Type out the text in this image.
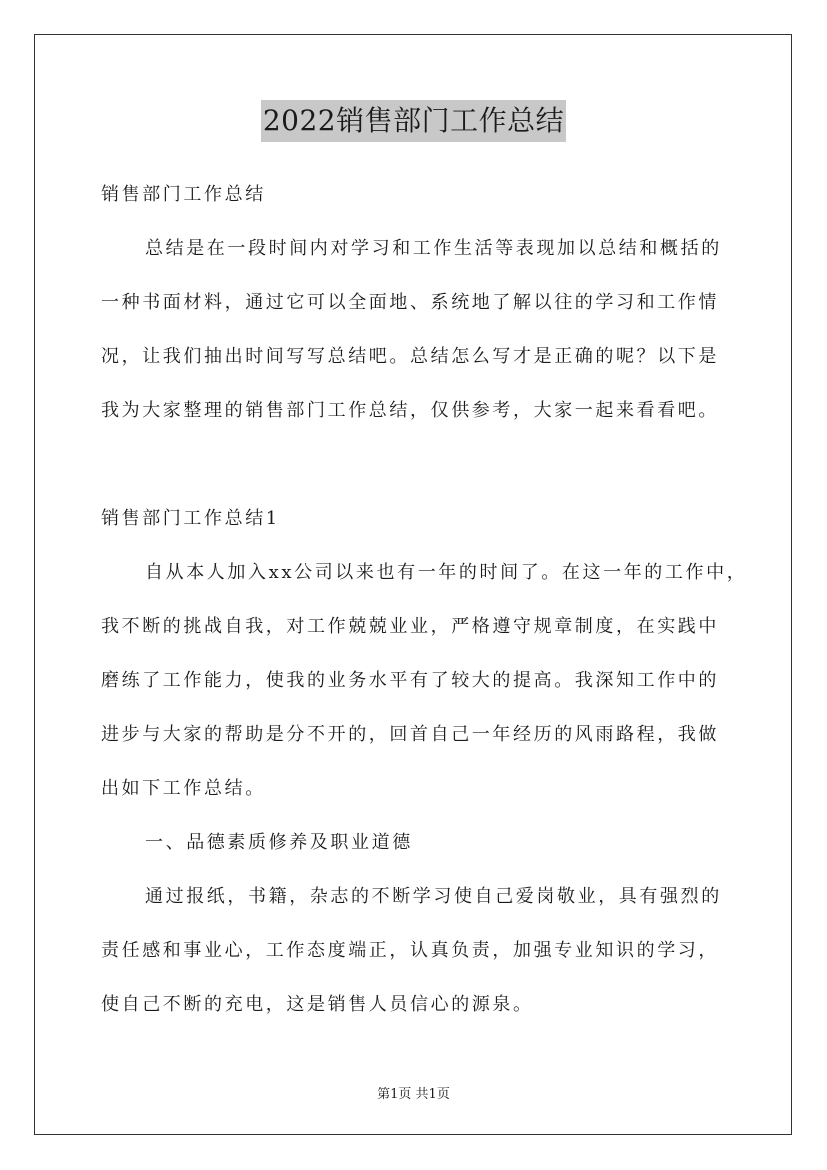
2022销售部门工作总结
销售部门工作总结
总结是在一段时间内对学习和工作生活等表现加以总结和概括的
一种书面材料，通过它可以全面地、系统地了解以往的学习和工作情
况，让我们抽出时间写写总结吧。总结怎么写才是正确的呢？以下是
我为大家整理的销售部门工作总结，仅供参考，大家一起来看看吧。
销售部门工作总结1
自从本人加入xx公司以来也有一年的时间了。在这一年的工作中，
我不断的挑战自我，对工作兢兢业业，严格遵守规章制度，在实践中
磨练了工作能力，使我的业务水平有了较大的提高。我深知工作中的
进步与大家的帮助是分不开的，回首自己一年经历的风雨路程，我做
出如下工作总结。
一、品德素质修养及职业道德
通过报纸，书籍，杂志的不断学习使自己爱岗敬业，具有强烈的
责任感和事业心，工作态度端正，认真负责，加强专业知识的学习，
使自己不断的充电，这是销售人员信心的源泉。
第1页 共1页
